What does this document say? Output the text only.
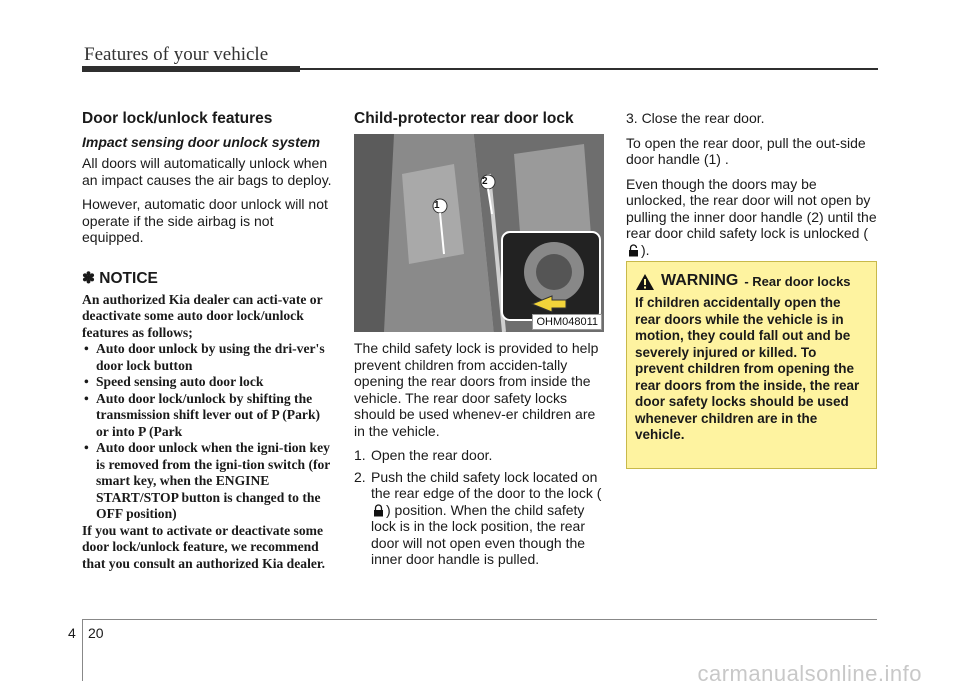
Features of your vehicle
Door lock/unlock features
Impact sensing door unlock system

All doors will automatically unlock when an impact causes the air bags to deploy.

However, automatic door unlock will not operate if the side airbag is not equipped.

✽ NOTICE
An authorized Kia dealer can acti-vate or deactivate some auto door lock/unlock features as follows;
• Auto door unlock by using the dri-ver's door lock button
• Speed sensing auto door lock
• Auto door lock/unlock by shifting the transmission shift lever out of P (Park) or into P (Park
• Auto door unlock when the igni-tion key is removed from the igni-tion switch (for smart key, when the ENGINE START/STOP button is changed to the OFF position)
If you want to activate or deactivate some door lock/unlock feature, we recommend that you consult an authorized Kia dealer.
Child-protector rear door lock
1
2
OHM048011

The child safety lock is provided to help prevent children from acciden-tally opening the rear doors from inside the vehicle. The rear door safety locks should be used whenev-er children are in the vehicle.

1. Open the rear door.
2. Push the child safety lock located on the rear edge of the door to the lock () position. When the child safety lock is in the lock position, the rear door will not open even though the inner door handle is pulled.

3. Close the rear door.

To open the rear door, pull the out-side door handle (1) .

Even though the doors may be unlocked, the rear door will not open by pulling the inner door handle (2) until the rear door child safety lock is unlocked ().

WARNING - Rear door locks
If children accidentally open the rear doors while the vehicle is in motion, they could fall out and be severely injured or killed. To prevent children from opening the rear doors from the inside, the rear door safety locks should be used whenever children are in the vehicle.
4 20
carmanualsonline.info
